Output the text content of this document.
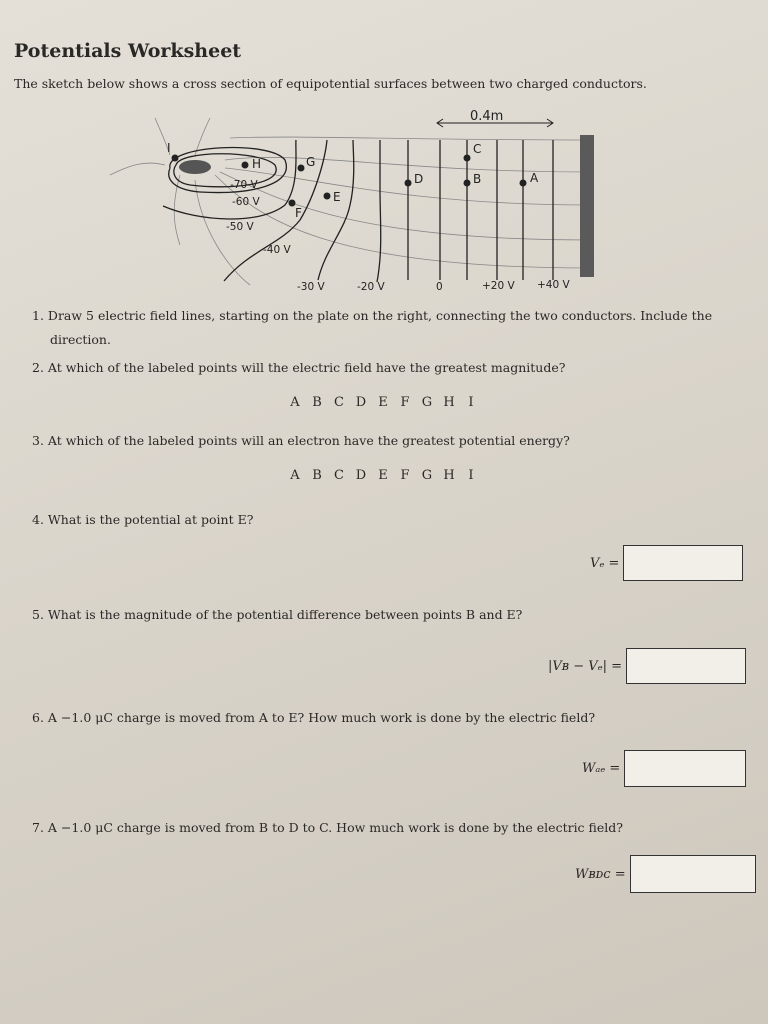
Potentials Worksheet
The sketch below shows a cross section of equipotential surfaces between two charged conductors.
0.4m
A
B
C
D
E
F
G
H
I
-70 V
-60 V
-50 V
-40 V
-30 V	-20 V	0	+20 V +40 V
1. Draw 5 electric field lines, starting on the plate on the right, connecting the two conductors. Include the
direction.
2. At which of the labeled points will the electric field have the greatest magnitude?
A B C D E F G H I
3. At which of the labeled points will an electron have the greatest potential energy?
A B C D E F G H I
4. What is the potential at point E?
Vₑ =
5. What is the magnitude of the potential difference between points B and E?
|Vʙ − Vₑ| =
6. A −1.0 μC charge is moved from A to E? How much work is done by the electric field?
Wₐₑ =
7. A −1.0 μC charge is moved from B to D to C. How much work is done by the electric field?
Wʙᴅᴄ =
